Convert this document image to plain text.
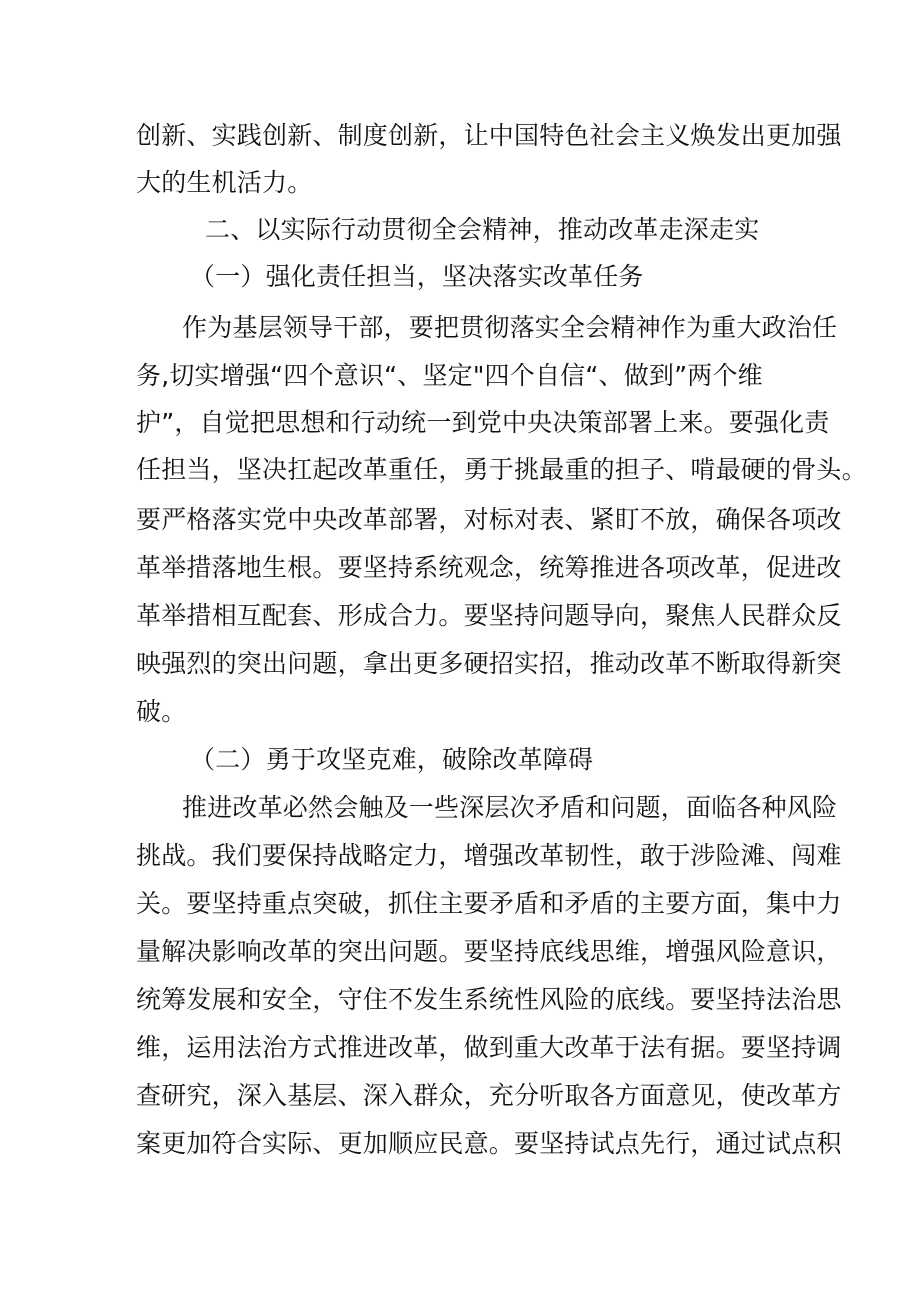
创新、实践创新、制度创新，让中国特色社会主义焕发出更加强
大的生机活力。
二、以实际行动贯彻全会精神，推动改革走深走实
（一）强化责任担当，坚决落实改革任务
作为基层领导干部，要把贯彻落实全会精神作为重大政治任
务,切实增强“四个意识“、坚定"四个自信“、做到”两个维
护”，自觉把思想和行动统一到党中央决策部署上来。要强化责
任担当，坚决扛起改革重任，勇于挑最重的担子、啃最硬的骨头。
要严格落实党中央改革部署，对标对表、紧盯不放，确保各项改
革举措落地生根。要坚持系统观念，统筹推进各项改革，促进改
革举措相互配套、形成合力。要坚持问题导向，聚焦人民群众反
映强烈的突出问题，拿出更多硬招实招，推动改革不断取得新突
破。
（二）勇于攻坚克难，破除改革障碍
推进改革必然会触及一些深层次矛盾和问题，面临各种风险
挑战。我们要保持战略定力，增强改革韧性，敢于涉险滩、闯难
关。要坚持重点突破，抓住主要矛盾和矛盾的主要方面，集中力
量解决影响改革的突出问题。要坚持底线思维，增强风险意识，
统筹发展和安全，守住不发生系统性风险的底线。要坚持法治思
维，运用法治方式推进改革，做到重大改革于法有据。要坚持调
查研究，深入基层、深入群众，充分听取各方面意见，使改革方
案更加符合实际、更加顺应民意。要坚持试点先行，通过试点积
